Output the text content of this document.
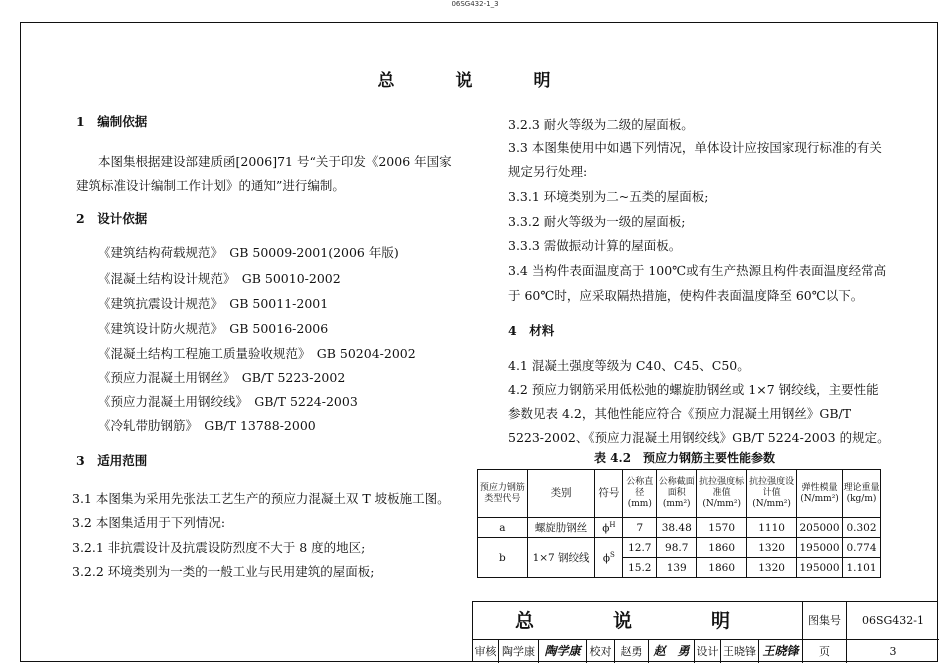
06SG432-1_3
总　说　明

1　编制依据

本图集根据建设部建质函[2006]71 号“关于印发《2006 年国家

建筑标准设计编制工作计划》的通知”进行编制。

2　设计依据

《建筑结构荷载规范》　GB 50009-2001(2006 年版)

《混凝土结构设计规范》　GB 50010-2002

《建筑抗震设计规范》　GB 50011-2001

《建筑设计防火规范》　GB 50016-2006

《混凝土结构工程施工质量验收规范》　GB 50204-2002

《预应力混凝土用钢丝》　GB/T 5223-2002

《预应力混凝土用钢绞线》　GB/T 5224-2003

《冷轧带肋钢筋》　GB/T 13788-2000

3　适用范围

3.1 本图集为采用先张法工艺生产的预应力混凝土双 T 坡板施工图。

3.2 本图集适用于下列情况:

3.2.1 非抗震设计及抗震设防烈度不大于 8 度的地区;

3.2.2 环境类别为一类的一般工业与民用建筑的屋面板;

3.2.3 耐火等级为二级的屋面板。

3.3 本图集使用中如遇下列情况，单体设计应按国家现行标准的有关

规定另行处理:

3.3.1 环境类别为二~五类的屋面板;

3.3.2 耐火等级为一级的屋面板;

3.3.3 需做振动计算的屋面板。

3.4 当构件表面温度高于 100℃或有生产热源且构件表面温度经常高

于 60℃时，应采取隔热措施，使构件表面温度降至 60℃以下。

4　材料

4.1 混凝土强度等级为 C40、C45、C50。

4.2 预应力钢筋采用低松弛的螺旋肋钢丝或 1×7 钢绞线，主要性能

参数见表 4.2，其他性能应符合《预应力混凝土用钢丝》GB/T

5223-2002、《预应力混凝土用钢绞线》GB/T 5224-2003 的规定。

表 4.2　预应力钢筋主要性能参数
预应力钢筋类型代号	类别	符号	公称直径(mm)	公称截面面积(mm²)	抗拉强度标准值(N/mm²)	抗拉强度设计值(N/mm²)	弹性模量(N/mm²)	理论重量(kg/m)
a	螺旋肋钢丝	$\phi^H$	7	38.48	1570	1110	205000	0.302
b	1×7 钢绞线	$\phi^S$	12.7	98.7	1860	1320	195000	0.774
			15.2	139	1860	1320	195000	1.101
总　说　明	图集号	06SG432-1
审核 陶学康 陶学康 校对 赵勇 赵　勇 设计 王晓锋 王晓锋	页	3
